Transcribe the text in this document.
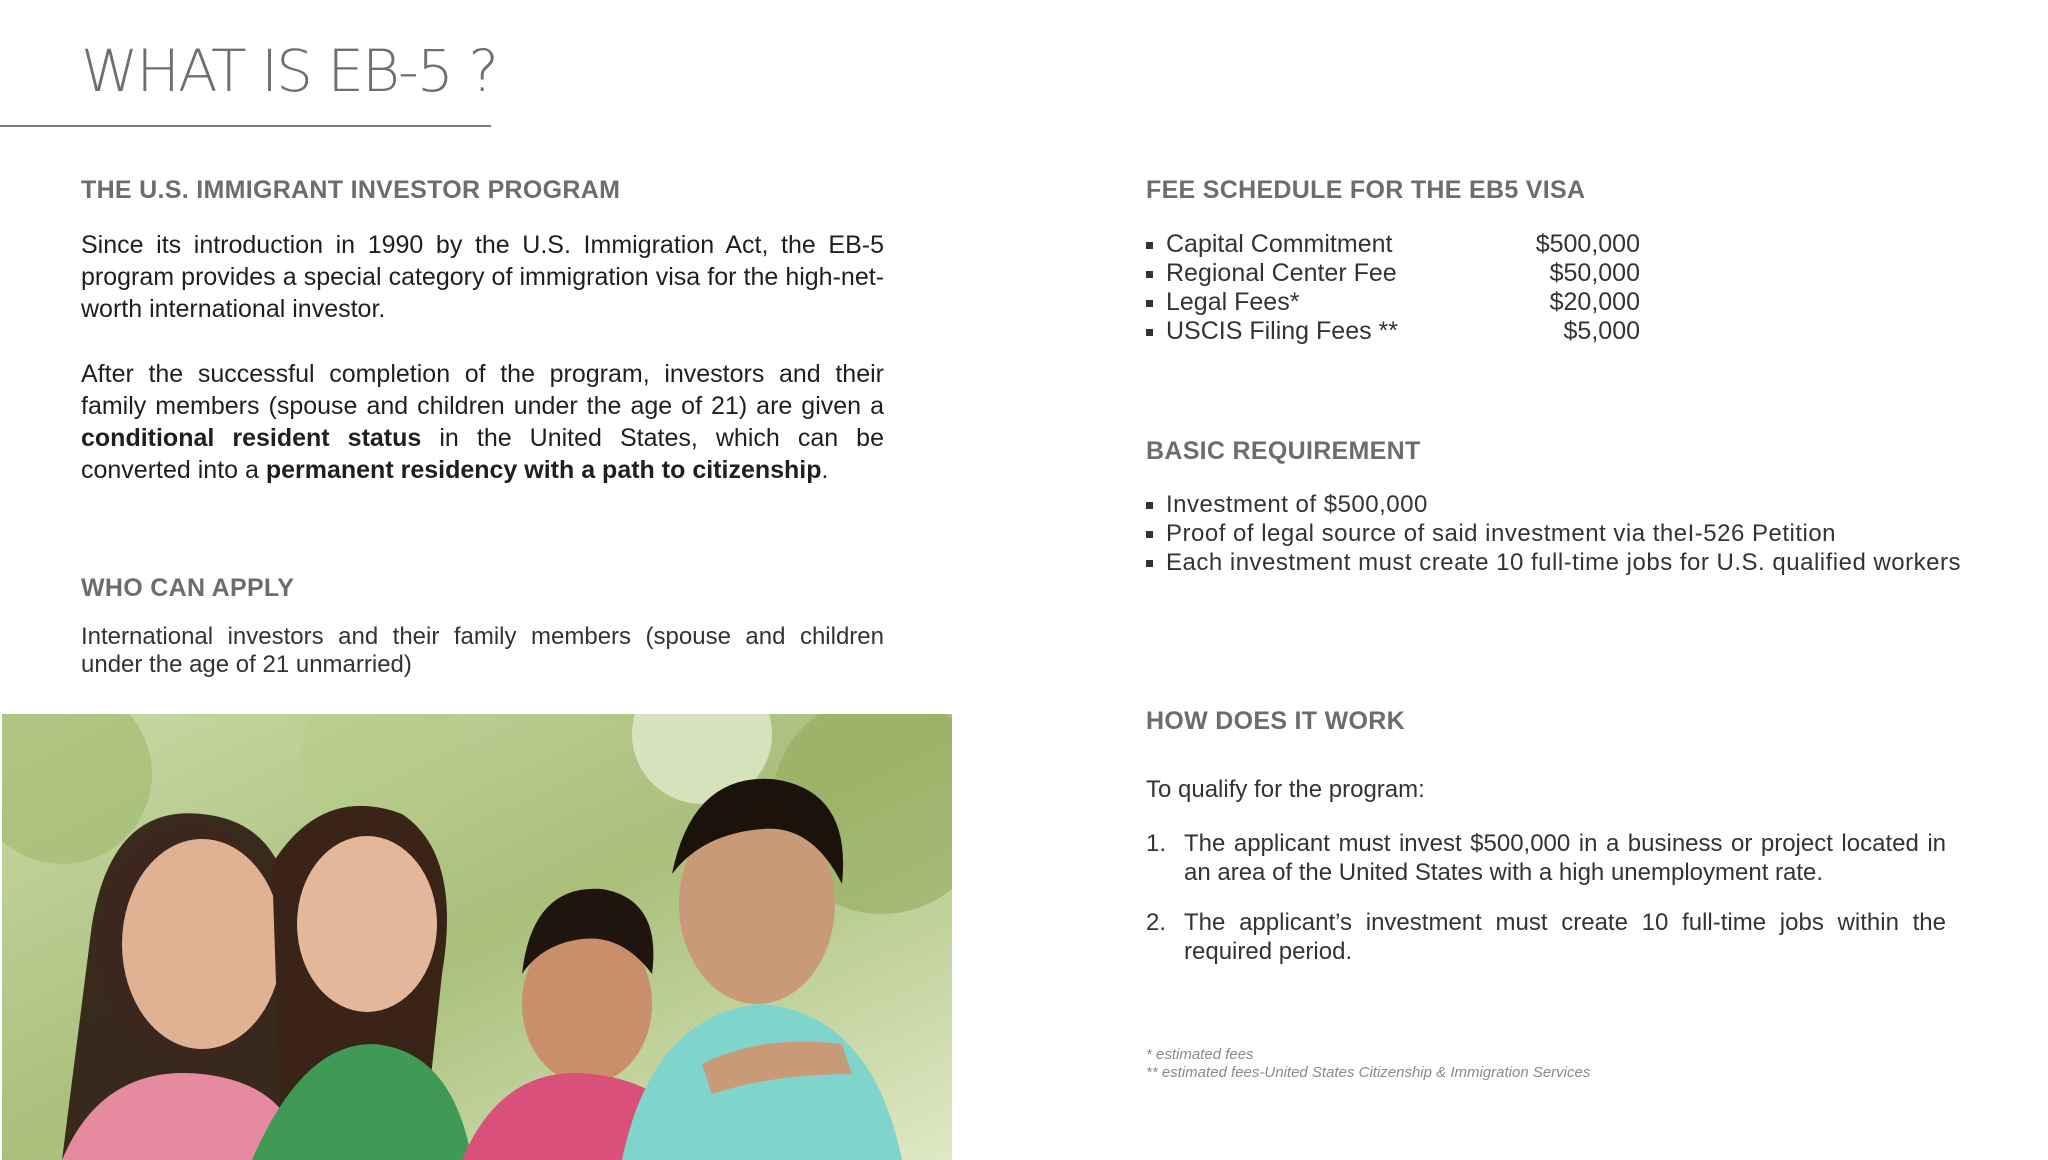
WHAT IS EB-5 ?
THE U.S. IMMIGRANT INVESTOR PROGRAM

Since its introduction in 1990 by the U.S. Immigration Act, the EB-5 program provides a special category of immigration visa for the high-net-worth international investor.

After the successful completion of the program, investors and their family members (spouse and children under the age of 21) are given a conditional resident status in the United States, which can be converted into a permanent residency with a path to citizenship.

WHO CAN APPLY

International investors and their family members (spouse and children under the age of 21 unmarried)

FEE SCHEDULE FOR THE EB5 VISA
Capital Commitment	$500,000
Regional Center Fee	$50,000
Legal Fees*	$20,000
USCIS Filing Fees **	$5,000
BASIC REQUIREMENT
Investment of $500,000
Proof of legal source of said investment via theI-526 Petition
Each investment must create 10 full-time jobs for U.S. qualified workers
HOW DOES IT WORK

To qualify for the program:

1. The applicant must invest $500,000 in a business or project located in an area of the United States with a high unemployment rate.
2. The applicant’s investment must create 10 full-time jobs within the required period.

* estimated fees

** estimated fees-United States Citizenship & Immigration Services
